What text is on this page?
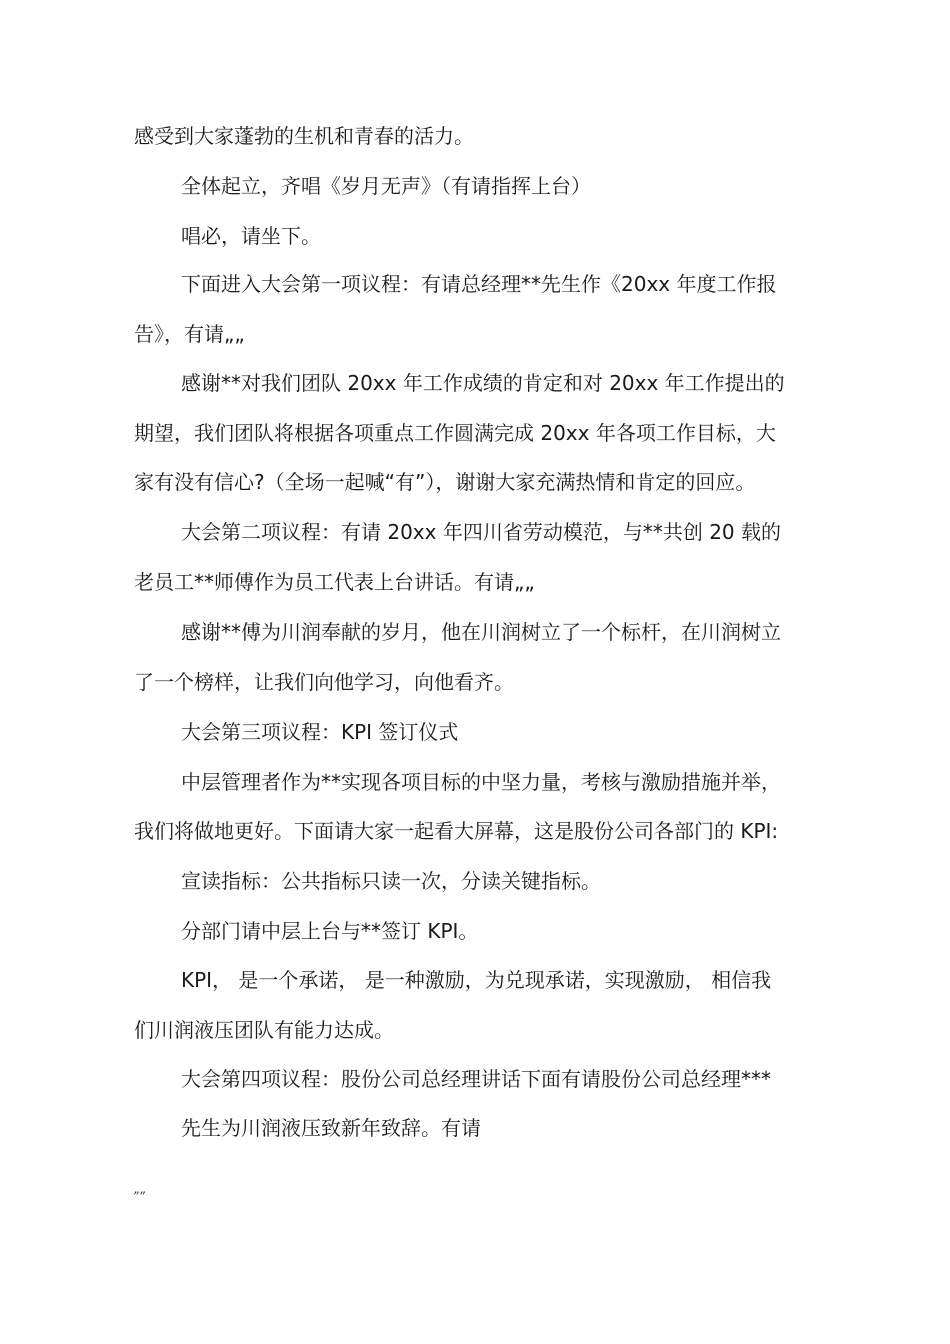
感受到大家蓬勃的生机和青春的活力。
全体起立，齐唱《岁月无声》（有请指挥上台）
唱必，请坐下。
下面进入大会第一项议程：有请总经理**先生作《20xx 年度工作报
告》，有请„„
感谢**对我们团队 20xx 年工作成绩的肯定和对 20xx 年工作提出的
期望，我们团队将根据各项重点工作圆满完成 20xx 年各项工作目标，大
家有没有信心?（全场一起喊“有”），谢谢大家充满热情和肯定的回应。
大会第二项议程：有请 20xx 年四川省劳动模范，与**共创 20 载的
老员工**师傅作为员工代表上台讲话。有请„„
感谢**傅为川润奉献的岁月，他在川润树立了一个标杆，在川润树立
了一个榜样，让我们向他学习，向他看齐。
大会第三项议程：KPI 签订仪式
中层管理者作为**实现各项目标的中坚力量，考核与激励措施并举，
我们将做地更好。下面请大家一起看大屏幕，这是股份公司各部门的 KPI:
宣读指标：公共指标只读一次，分读关键指标。
分部门请中层上台与**签订 KPI。
KPI， 是一个承诺， 是一种激励，为兑现承诺，实现激励， 相信我
们川润液压团队有能力达成。
大会第四项议程：股份公司总经理讲话下面有请股份公司总经理***
先生为川润液压致新年致辞。有请
„„
